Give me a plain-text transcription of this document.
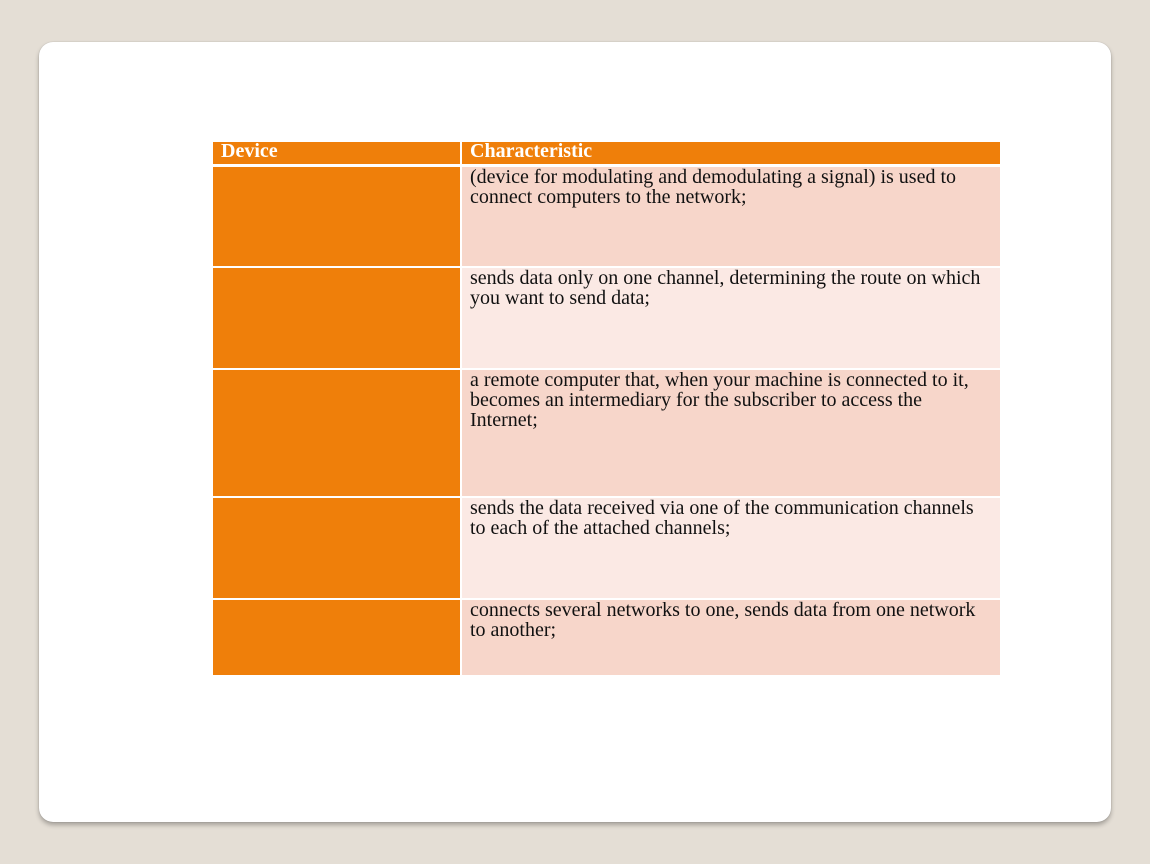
Device	Characteristic
	(device for modulating and demodulating a signal) is used to connect computers to the network;
	sends data only on one channel, determining the route on which you want to send data;
	a remote computer that, when your machine is connected to it, becomes an intermediary for the subscriber to access the Internet;
	sends the data received via one of the communication channels to each of the attached channels;
	connects several networks to one, sends data from one network to another;
